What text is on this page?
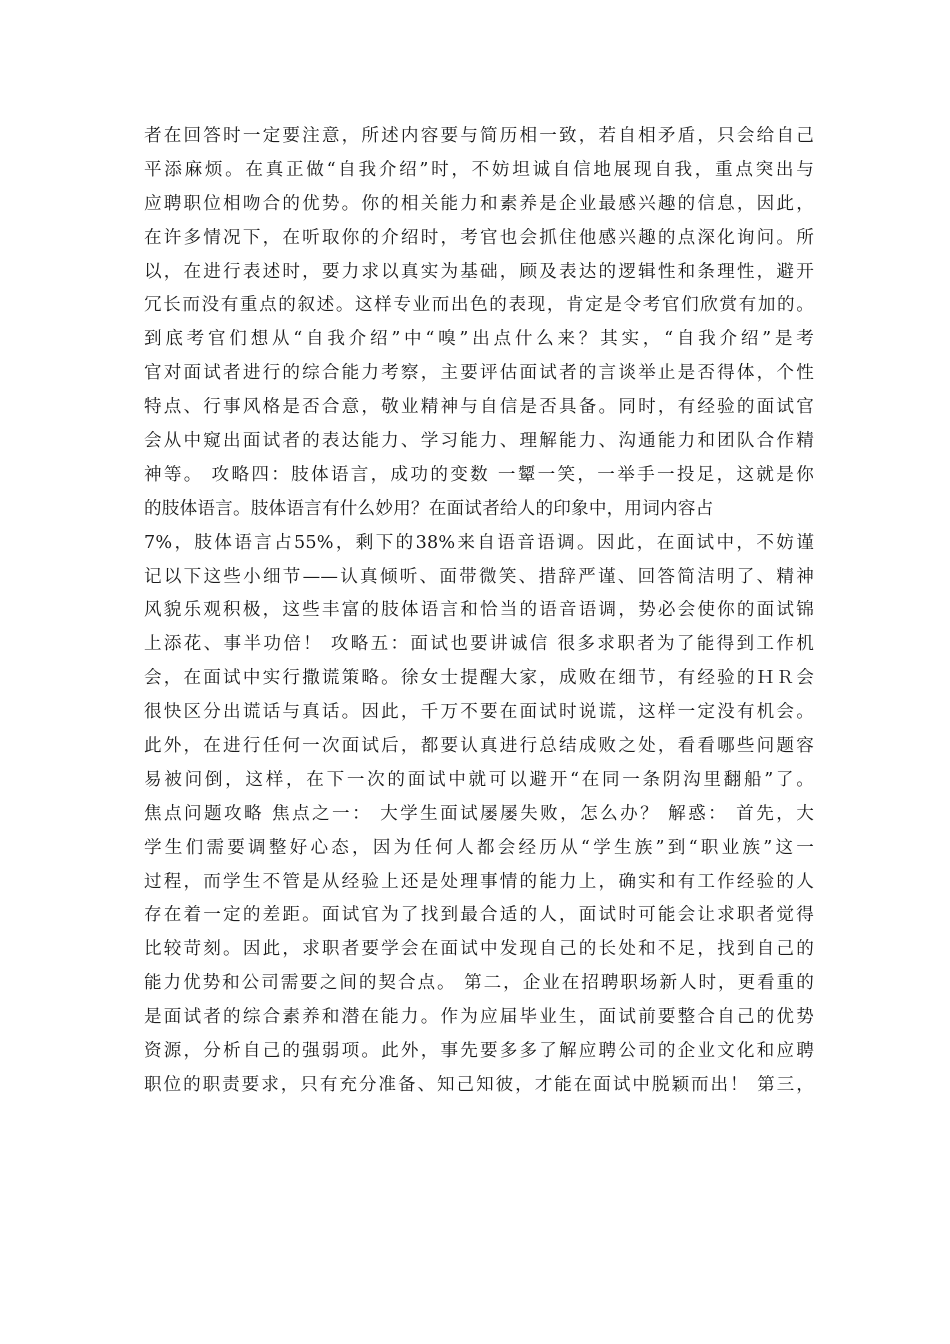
者在回答时一定要注意，所述内容要与简历相一致，若自相矛盾，只会给自己
平添麻烦。在真正做“自我介绍”时，不妨坦诚自信地展现自我，重点突出与
应聘职位相吻合的优势。你的相关能力和素养是企业最感兴趣的信息，因此，
在许多情况下，在听取你的介绍时，考官也会抓住他感兴趣的点深化询问。所
以，在进行表述时，要力求以真实为基础，顾及表达的逻辑性和条理性，避开
冗长而没有重点的叙述。这样专业而出色的表现，肯定是令考官们欣赏有加的。
到底考官们想从“自我介绍”中“嗅”出点什么来？其实，“自我介绍”是考
官对面试者进行的综合能力考察，主要评估面试者的言谈举止是否得体，个性
特点、行事风格是否合意，敬业精神与自信是否具备。同时，有经验的面试官
会从中窥出面试者的表达能力、学习能力、理解能力、沟通能力和团队合作精
神等。 攻略四：肢体语言，成功的变数 一颦一笑，一举手一投足，这就是你
的肢体语言。肢体语言有什么妙用？在面试者给人的印象中，用词内容占
7%，肢体语言占55%，剩下的38%来自语音语调。因此，在面试中，不妨谨
记以下这些小细节——认真倾听、面带微笑、措辞严谨、回答简洁明了、精神
风貌乐观积极，这些丰富的肢体语言和恰当的语音语调，势必会使你的面试锦
上添花、事半功倍！ 攻略五：面试也要讲诚信 很多求职者为了能得到工作机
会，在面试中实行撒谎策略。徐女士提醒大家，成败在细节，有经验的ＨＲ会
很快区分出谎话与真话。因此，千万不要在面试时说谎，这样一定没有机会。
此外，在进行任何一次面试后，都要认真进行总结成败之处，看看哪些问题容
易被问倒，这样，在下一次的面试中就可以避开“在同一条阴沟里翻船”了。
焦点问题攻略 焦点之一： 大学生面试屡屡失败，怎么办？ 解惑： 首先，大
学生们需要调整好心态，因为任何人都会经历从“学生族”到“职业族”这一
过程，而学生不管是从经验上还是处理事情的能力上，确实和有工作经验的人
存在着一定的差距。面试官为了找到最合适的人，面试时可能会让求职者觉得
比较苛刻。因此，求职者要学会在面试中发现自己的长处和不足，找到自己的
能力优势和公司需要之间的契合点。 第二，企业在招聘职场新人时，更看重的
是面试者的综合素养和潜在能力。作为应届毕业生，面试前要整合自己的优势
资源，分析自己的强弱项。此外，事先要多多了解应聘公司的企业文化和应聘
职位的职责要求，只有充分准备、知己知彼，才能在面试中脱颖而出！ 第三，
